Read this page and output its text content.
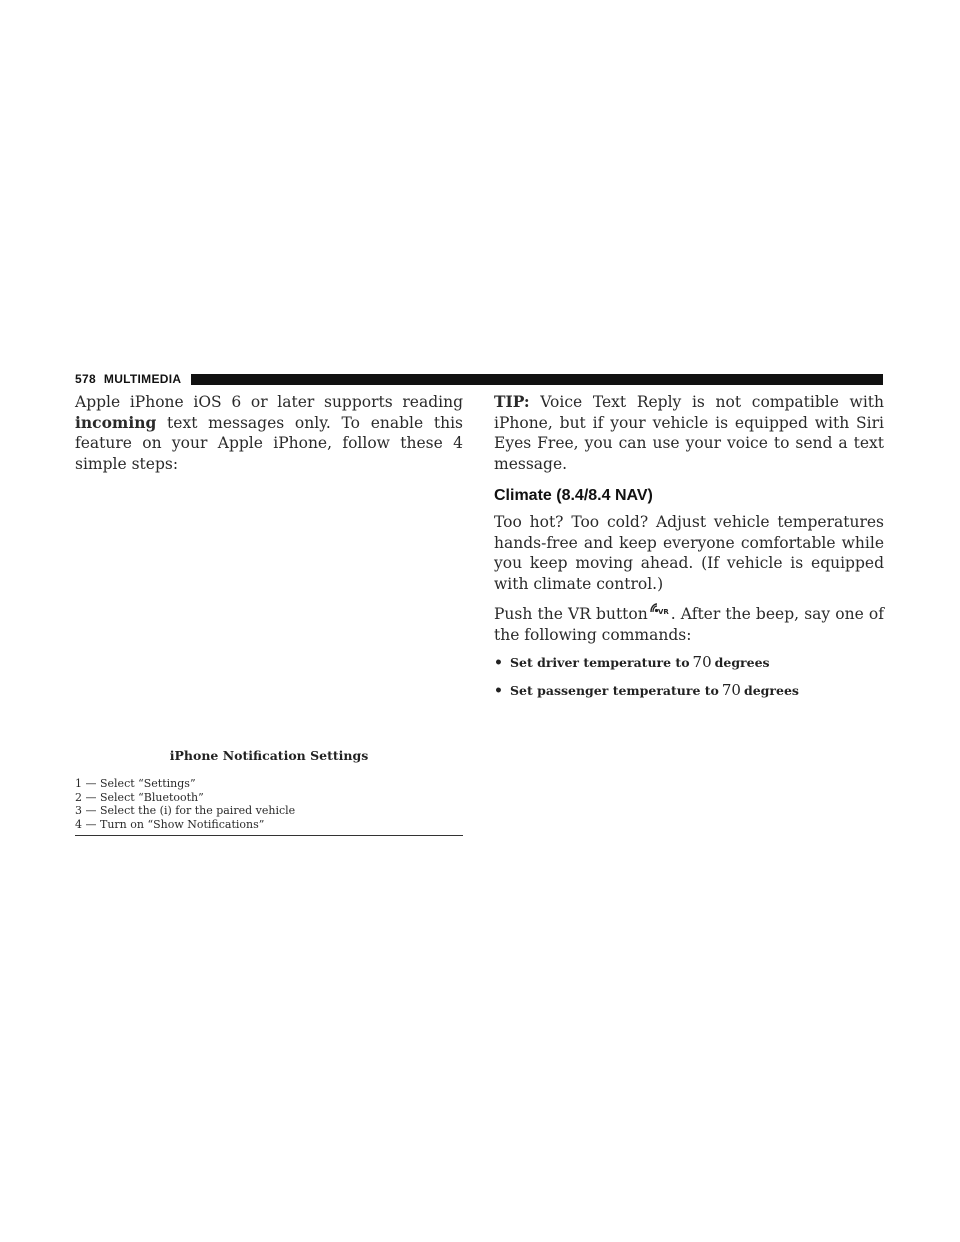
578 MULTIMEDIA

Apple iPhone iOS 6 or later supports reading incoming text messages only. To enable this feature on your Apple iPhone, follow these 4 simple steps:

iPhone Notification Settings

1 — Select “Settings”
2 — Select “Bluetooth”
3 — Select the (i) for the paired vehicle
4 — Turn on “Show Notifications”

TIP: Voice Text Reply is not compatible with iPhone, but if your vehicle is equipped with Siri Eyes Free, you can use your voice to send a text message.

Climate (8.4/8.4 NAV)

Too hot? Too cold? Adjust vehicle temperatures hands-free and keep everyone comfortable while you keep moving ahead. (If vehicle is equipped with climate control.)

Push the VR button VR . After the beep, say one of the following commands:

• Set driver temperature to 70 degrees
• Set passenger temperature to 70 degrees
